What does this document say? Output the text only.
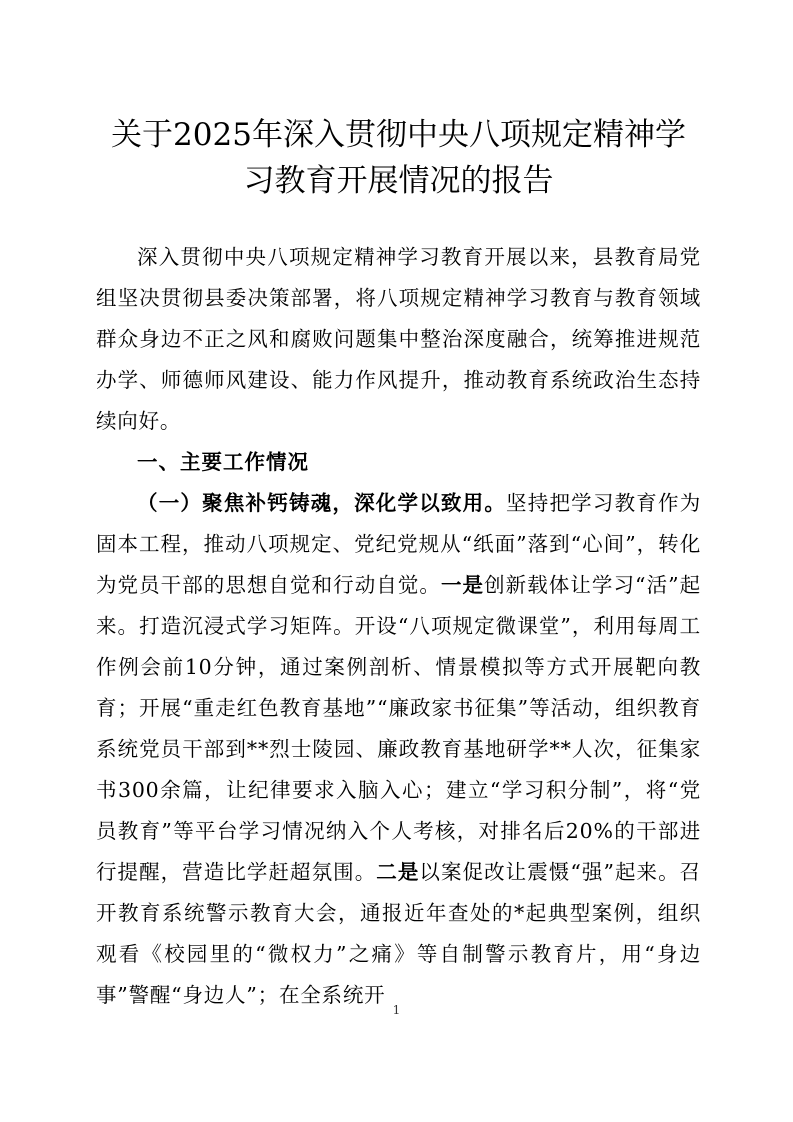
关于2025年深入贯彻中央八项规定精神学习教育开展情况的报告

深入贯彻中央八项规定精神学习教育开展以来，县教育局党组坚决贯彻县委决策部署，将八项规定精神学习教育与教育领域群众身边不正之风和腐败问题集中整治深度融合，统筹推进规范办学、师德师风建设、能力作风提升，推动教育系统政治生态持续向好。

一、主要工作情况

（一）聚焦补钙铸魂，深化学以致用。坚持把学习教育作为固本工程，推动八项规定、党纪党规从“纸面”落到“心间”，转化为党员干部的思想自觉和行动自觉。一是创新载体让学习“活”起来。打造沉浸式学习矩阵。开设“八项规定微课堂”，利用每周工作例会前10分钟，通过案例剖析、情景模拟等方式开展靶向教育；开展“重走红色教育基地”“廉政家书征集”等活动，组织教育系统党员干部到**烈士陵园、廉政教育基地研学**人次，征集家书300余篇，让纪律要求入脑入心；建立“学习积分制”，将“党员教育”等平台学习情况纳入个人考核，对排名后20%的干部进行提醒，营造比学赶超氛围。二是以案促改让震慑“强”起来。召开教育系统警示教育大会，通报近年查处的*起典型案例，组织观看《校园里的“微权力”之痛》等自制警示教育片，用“身边事”警醒“身边人”；在全系统开

1
